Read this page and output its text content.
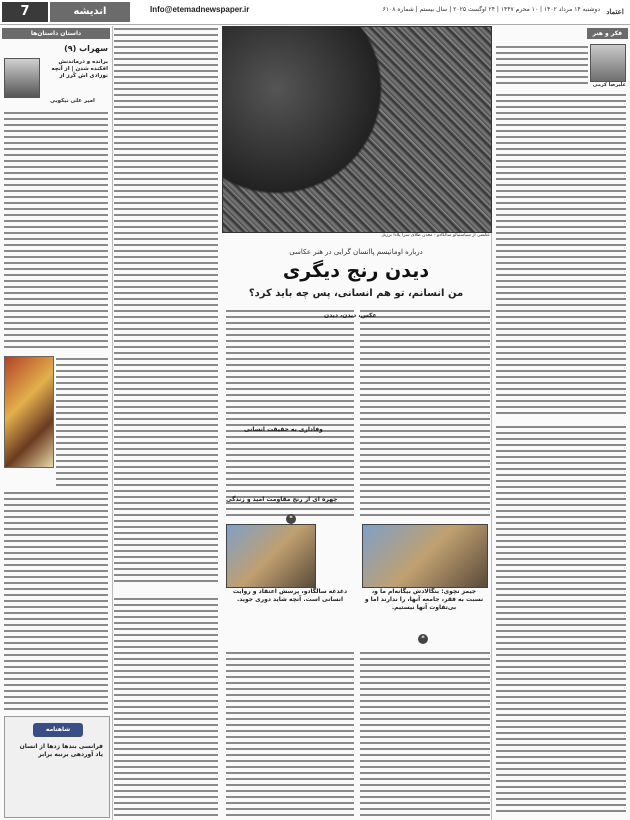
7	اندیشه	Info@etemadnewspaper.ir	دوشنبه ۱۴ مرداد ۱۴۰۲ | ۱۰ محرم ۱۴۴۷ | ۲۴ اوگست ۲۰۲۵ | سال بیستم | شماره ۶۱۰۸ اعتماد
فکر و هنر
علیرضا کرمی
عکسی از سباستیائو سالگادو - معدن طلای سرا پلادا برزیل
درباره اومانیسم پاانسان گرایی در هنر عکاسی
دیدن رنج دیگری
من انسانم، تو هم انسانی، پس چه باید کرد؟
جیمز نچوی: بنگالادش بیگانه‌ام ما و، نسبت به فقر، جامعه آنها، را ندارند اما و بی‌تفاوت آنها نیستیم.
❝
دغدغه سالگادو، پرسش اعتقاد و روایت انسانی است. آنچه شاید دوری جوید.
❝
عکس، دیدن، دیدن
وفاداری به حقیقت انسانی
چهره ای از رنج مقاومت امید و زندگی
داستان داستان‌ها
سهراب (۹)
برانده و درماندنش افکنده شدن | از آنچه نوزادی اش کُرز از
امیر علی نیکوبی
شاهنامه
فرانسی بندها زدها از انسان یاد آوردهی برنبه برابر
